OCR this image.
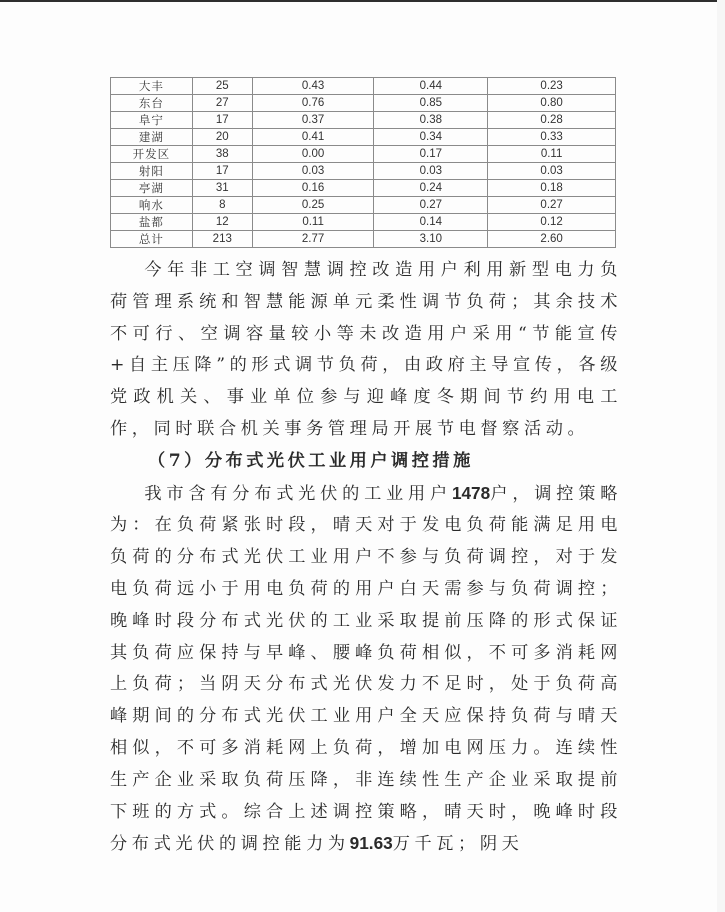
大丰	25	0.43	0.44	0.23
东台	27	0.76	0.85	0.80
阜宁	17	0.37	0.38	0.28
建湖	20	0.41	0.34	0.33
开发区	38	0.00	0.17	0.11
射阳	17	0.03	0.03	0.03
亭湖	31	0.16	0.24	0.18
响水	8	0.25	0.27	0.27
盐都	12	0.11	0.14	0.12
总计	213	2.77	3.10	2.60

今年非工空调智慧调控改造用户利用新型电力负荷管理系统和智慧能源单元柔性调节负荷；其余技术不可行、空调容量较小等未改造用户采用“节能宣传+自主压降”的形式调节负荷，由政府主导宣传，各级党政机关、事业单位参与迎峰度冬期间节约用电工作，同时联合机关事务管理局开展节电督察活动。

（7）分布式光伏工业用户调控措施

我市含有分布式光伏的工业用户1478户，调控策略为：在负荷紧张时段，晴天对于发电负荷能满足用电负荷的分布式光伏工业用户不参与负荷调控，对于发电负荷远小于用电负荷的用户白天需参与负荷调控；晚峰时段分布式光伏的工业采取提前压降的形式保证其负荷应保持与早峰、腰峰负荷相似，不可多消耗网上负荷；当阴天分布式光伏发力不足时，处于负荷高峰期间的分布式光伏工业用户全天应保持负荷与晴天相似，不可多消耗网上负荷，增加电网压力。连续性生产企业采取负荷压降，非连续性生产企业采取提前下班的方式。综合上述调控策略，晴天时，晚峰时段分布式光伏的调控能力为91.63万千瓦；阴天
